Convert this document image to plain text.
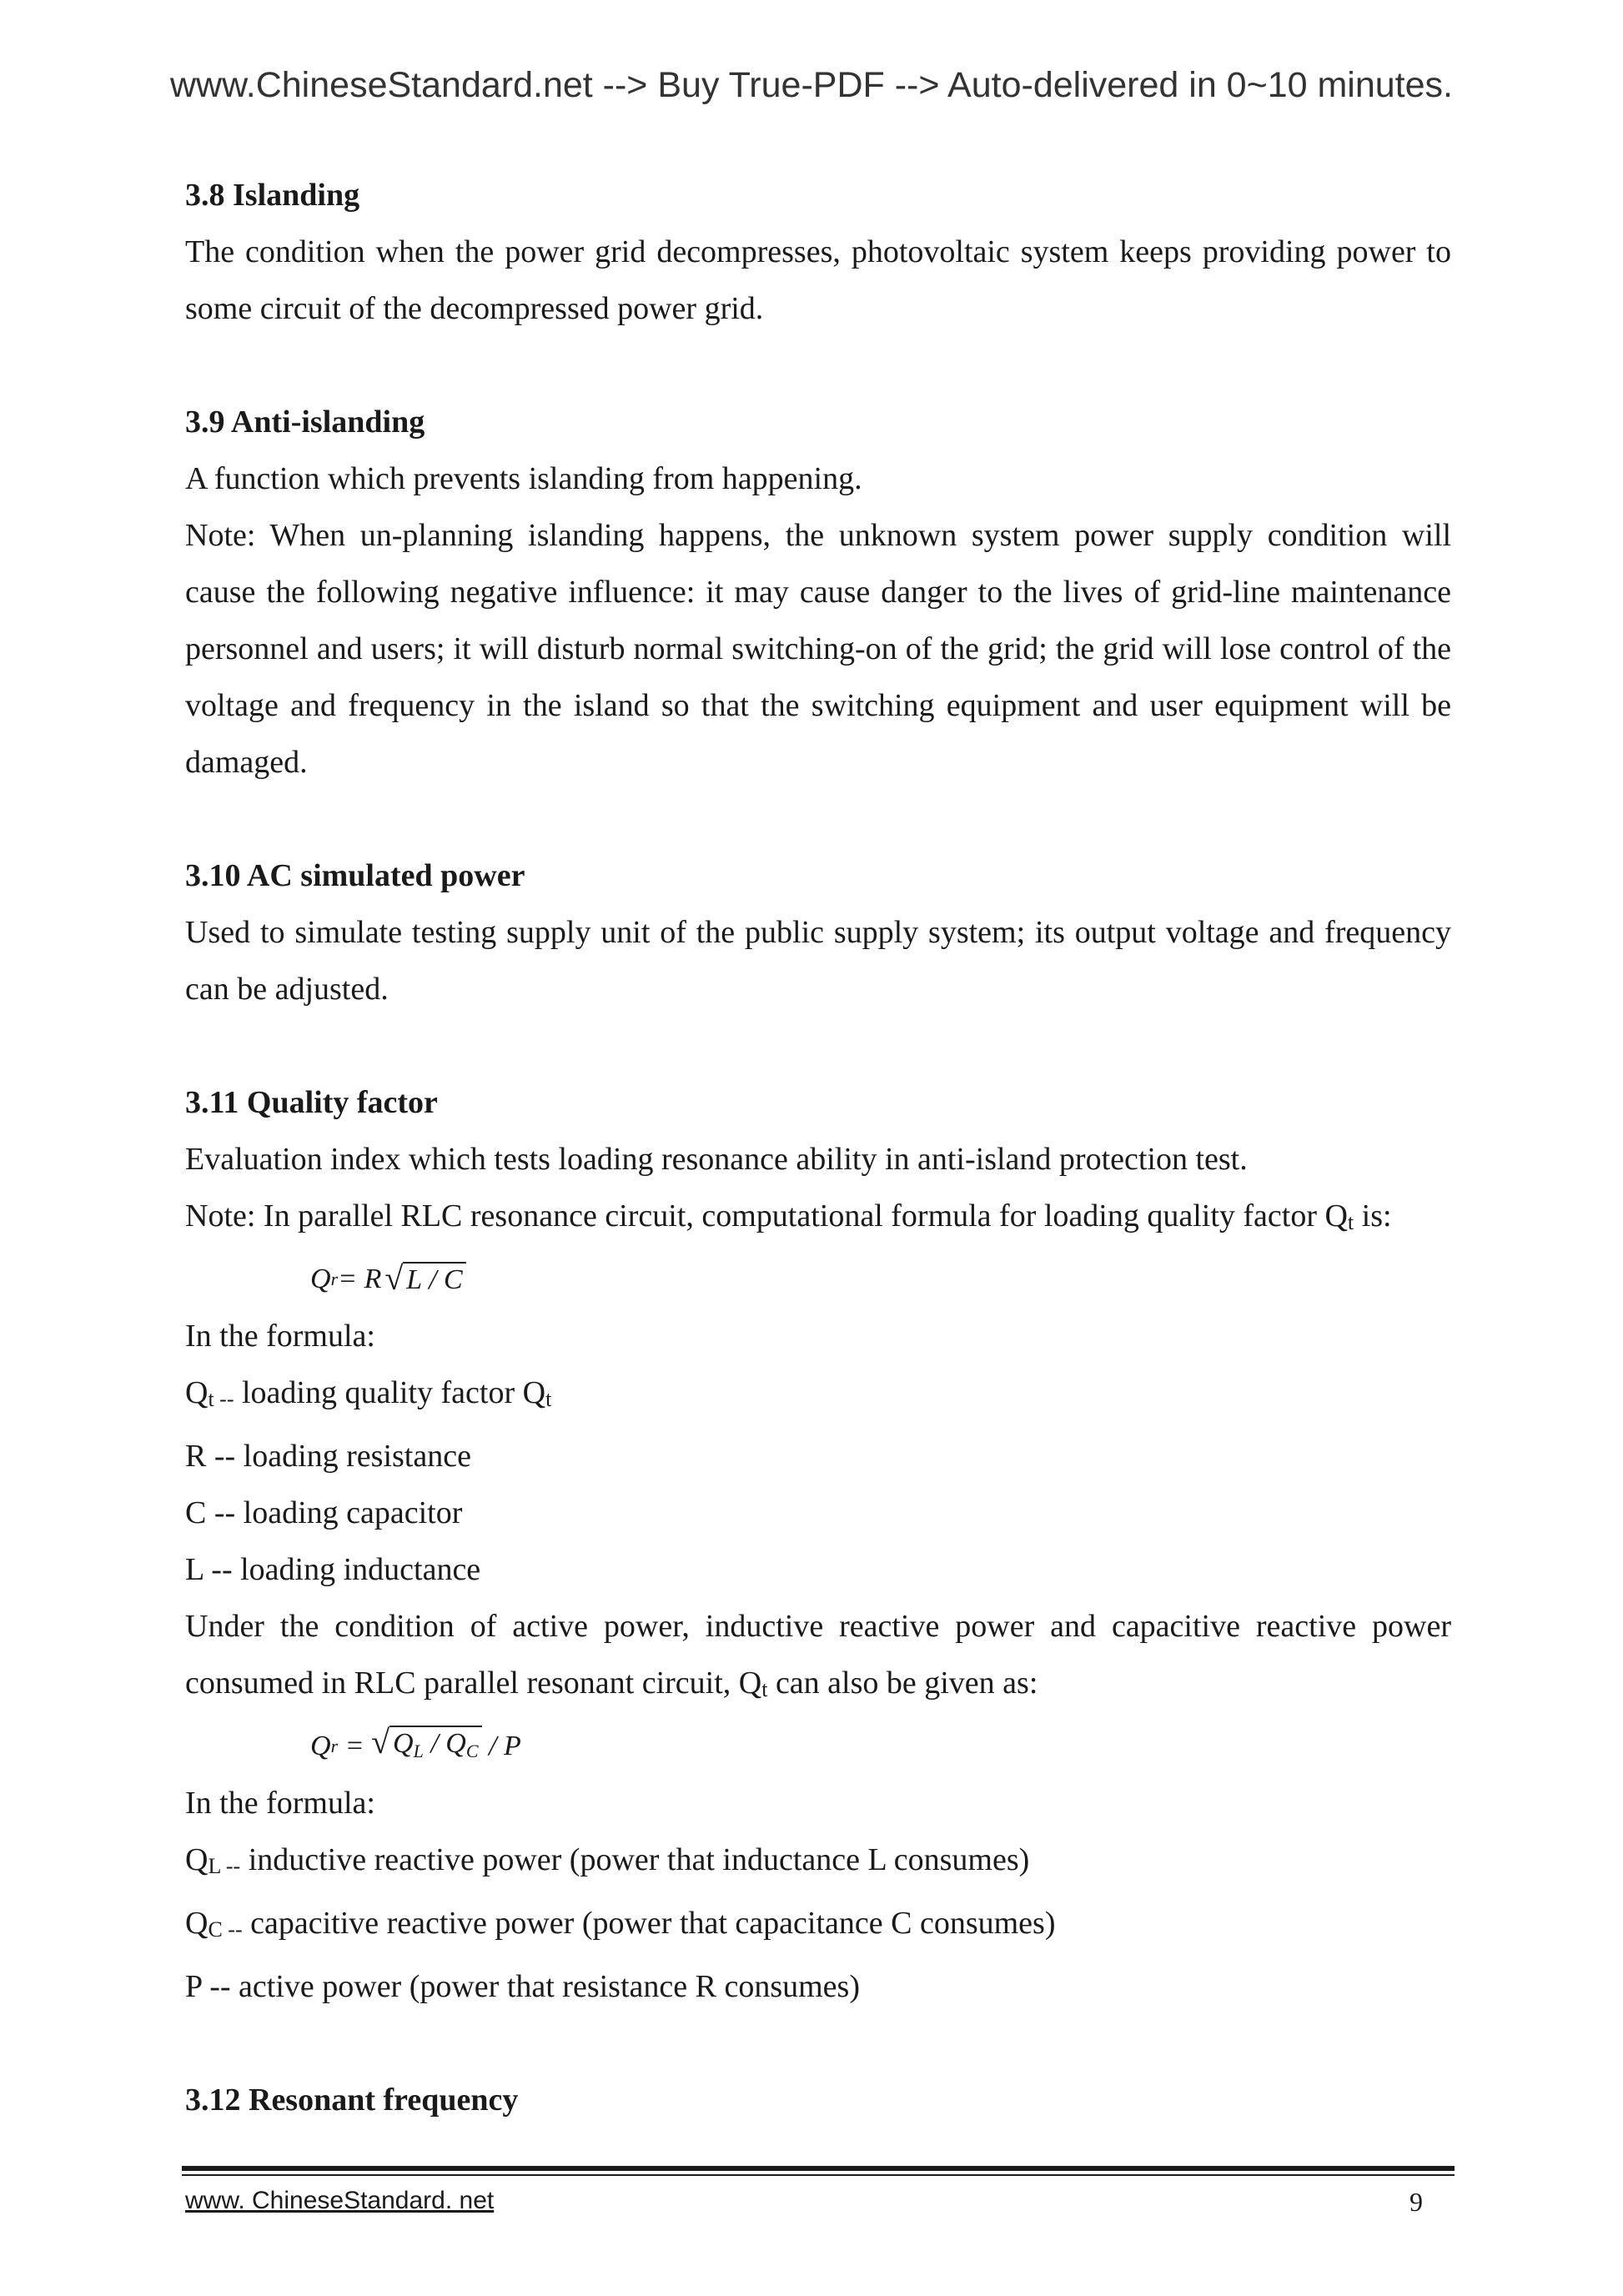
www.ChineseStandard.net --> Buy True-PDF --> Auto-delivered in 0~10 minutes.

3.8 Islanding

The condition when the power grid decompresses, photovoltaic system keeps providing power to some circuit of the decompressed power grid.

3.9 Anti-islanding

A function which prevents islanding from happening.

Note: When un-planning islanding happens, the unknown system power supply condition will cause the following negative influence: it may cause danger to the lives of grid-line maintenance personnel and users; it will disturb normal switching-on of the grid; the grid will lose control of the voltage and frequency in the island so that the switching equipment and user equipment will be damaged.

3.10 AC simulated power

Used to simulate testing supply unit of the public supply system; its output voltage and frequency can be adjusted.

3.11 Quality factor

Evaluation index which tests loading resonance ability in anti-island protection test.

Note: In parallel RLC resonance circuit, computational formula for loading quality factor Qt is:

Q r = R √ L / C

In the formula:

Qt -- loading quality factor Qt

R -- loading resistance

C -- loading capacitor

L -- loading inductance

Under the condition of active power, inductive reactive power and capacitive reactive power consumed in RLC parallel resonant circuit, Qt can also be given as:

Q r = √ $Q_L / Q_C$ / P

In the formula:

QL -- inductive reactive power (power that inductance L consumes)

QC -- capacitive reactive power (power that capacitance C consumes)

P -- active power (power that resistance R consumes)

3.12 Resonant frequency

www. ChineseStandard. net	9
